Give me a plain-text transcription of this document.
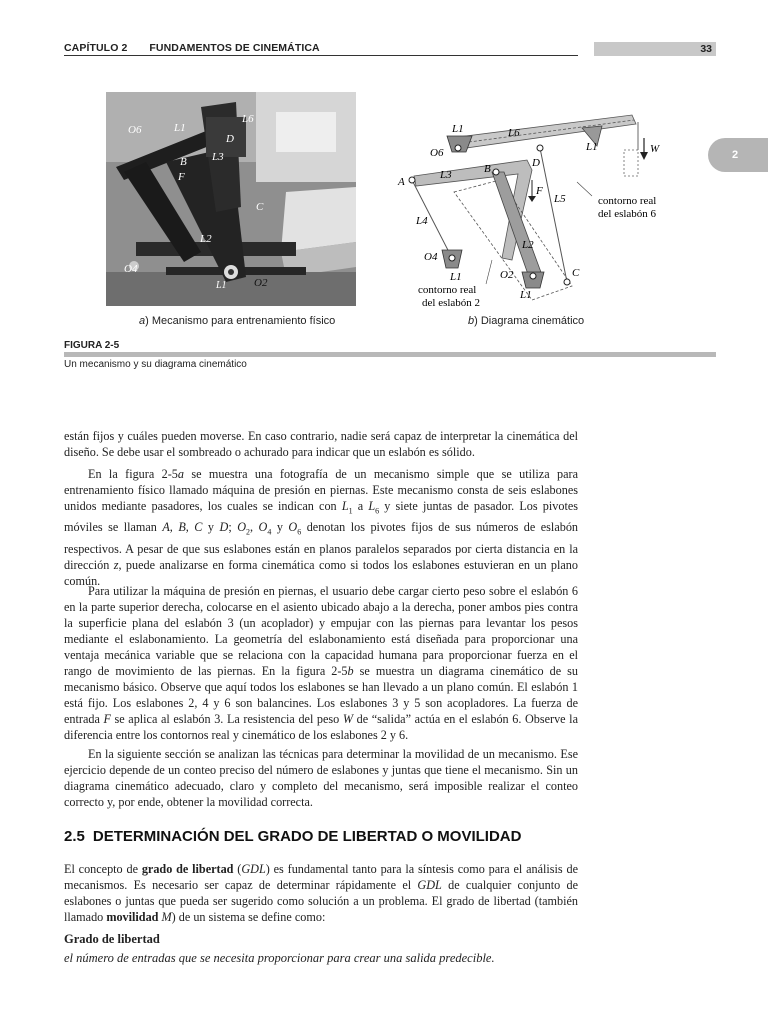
CAPÍTULO 2 FUNDAMENTOS DE CINEMÁTICA	33
2
O6	L1
B L3
D
L6
C
F
L2
O4
O2
L1
L1	L6
O6	L1	W
D
A
L3	B
F
L5	contorno real
del eslabón 6
L4
L2
O4
L1
contorno real
del eslabón 2
O2	C
L1
a) Mecanismo para entrenamiento físico	b) Diagrama cinemático
FIGURA 2-5
Un mecanismo y su diagrama cinemático

están fijos y cuáles pueden moverse. En caso contrario, nadie será capaz de interpretar la cinemática del diseño. Se debe usar el sombreado o achurado para indicar que un eslabón es sólido.

En la figura 2-5a se muestra una fotografía de un mecanismo simple que se utiliza para entrenamiento físico llamado máquina de presión en piernas. Este mecanismo consta de seis eslabones unidos mediante pasadores, los cuales se indican con $L_1$ a $L_6$ y siete juntas de pasador. Los pivotes móviles se llaman A, B, C y D; $O_2$, $O_4$ y $O_6$ denotan los pivotes fijos de sus números de eslabón respectivos. A pesar de que sus eslabones están en planos paralelos separados por cierta distancia en la dirección z, puede analizarse en forma cinemática como si todos los eslabones estuvieran en un plano común.

Para utilizar la máquina de presión en piernas, el usuario debe cargar cierto peso sobre el eslabón 6 en la parte superior derecha, colocarse en el asiento ubicado abajo a la derecha, poner ambos pies contra la superficie plana del eslabón 3 (un acoplador) y empujar con las piernas para levantar los pesos mediante el eslabonamiento. La geometría del eslabonamiento está diseñada para proporcionar una ventaja mecánica variable que se relaciona con la capacidad humana para proporcionar fuerza en el rango de movimiento de las piernas. En la figura 2-5b se muestra un diagrama cinemático de su mecanismo básico. Observe que aquí todos los eslabones se han llevado a un plano común. El eslabón 1 está fijo. Los eslabones 2, 4 y 6 son balancines. Los eslabones 3 y 5 son acopladores. La fuerza de entrada F se aplica al eslabón 3. La resistencia del peso W de “salida” actúa en el eslabón 6. Observe la diferencia entre los contornos real y cinemático de los eslabones 2 y 6.

En la siguiente sección se analizan las técnicas para determinar la movilidad de un mecanismo. Ese ejercicio depende de un conteo preciso del número de eslabones y juntas que tiene el mecanismo. Sin un diagrama cinemático adecuado, claro y completo del mecanismo, será imposible realizar el conteo correcto y, por ende, obtener la movilidad correcta.

2.5 DETERMINACIÓN DEL GRADO DE LIBERTAD O MOVILIDAD

El concepto de grado de libertad (GDL) es fundamental tanto para la síntesis como para el análisis de mecanismos. Es necesario ser capaz de determinar rápidamente el GDL de cualquier conjunto de eslabones o juntas que pueda ser sugerido como solución a un problema. El grado de libertad (también llamado movilidad M) de un sistema se define como:

Grado de libertad
el número de entradas que se necesita proporcionar para crear una salida predecible.
